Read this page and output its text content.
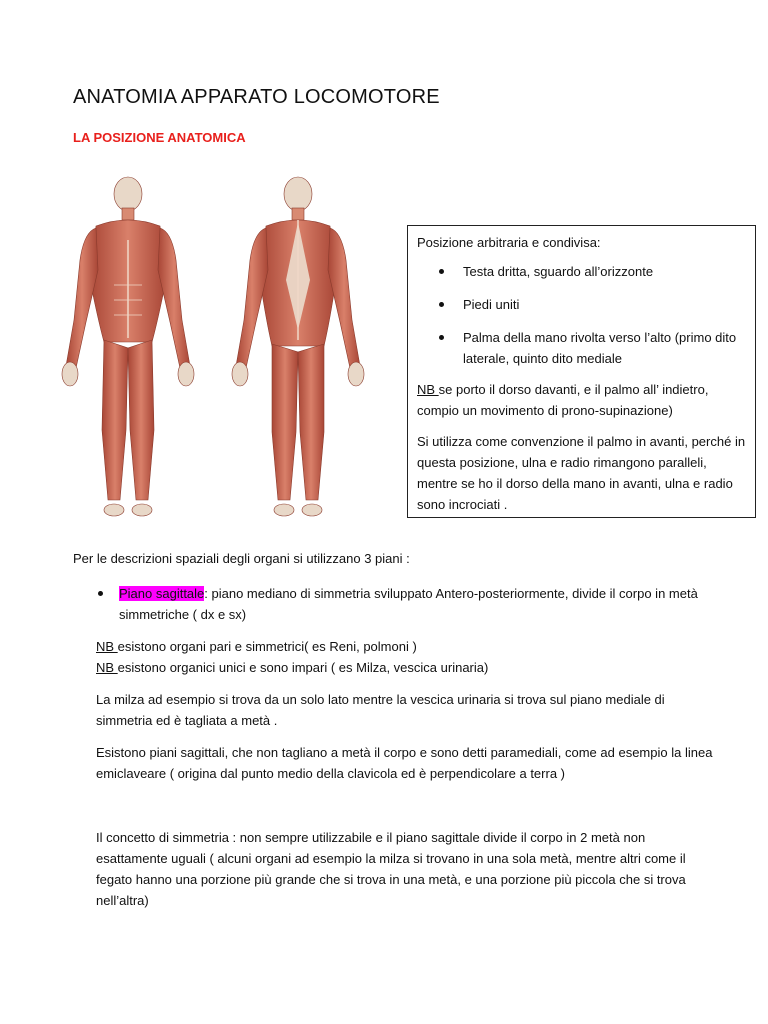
ANATOMIA APPARATO LOCOMOTORE
LA POSIZIONE ANATOMICA

Posizione arbitraria e condivisa:

Testa dritta, sguardo all’orizzonte
Piedi uniti
Palma della mano rivolta verso l’alto (primo dito laterale, quinto dito mediale

NB se porto il dorso davanti, e il palmo all’ indietro, compio un movimento di prono-supinazione)

Si utilizza come convenzione il palmo in avanti, perché in questa posizione, ulna e radio rimangono paralleli, mentre se ho il dorso della mano in avanti, ulna e radio sono incrociati .

Per le descrizioni spaziali degli organi si utilizzano 3 piani :

Piano sagittale: piano mediano di simmetria sviluppato Antero-posteriormente, divide il corpo in metà simmetriche ( dx e sx)

NB esistono organi pari e simmetrici( es Reni, polmoni )

NB esistono organici unici e sono impari ( es Milza, vescica urinaria)

La milza ad esempio si trova da un solo lato mentre la vescica urinaria si trova sul piano mediale di simmetria ed è tagliata a metà .

Esistono piani sagittali, che non tagliano a metà il corpo e sono detti paramediali, come ad esempio la linea emiclaveare ( origina dal punto medio della clavicola ed è perpendicolare a terra )

Il concetto di simmetria : non sempre utilizzabile e il piano sagittale divide il corpo in 2 metà non esattamente uguali ( alcuni organi ad esempio la milza si trovano in una sola metà, mentre altri come il fegato hanno una porzione più grande che si trova in una metà, e una porzione più piccola che si trova nell’altra)
